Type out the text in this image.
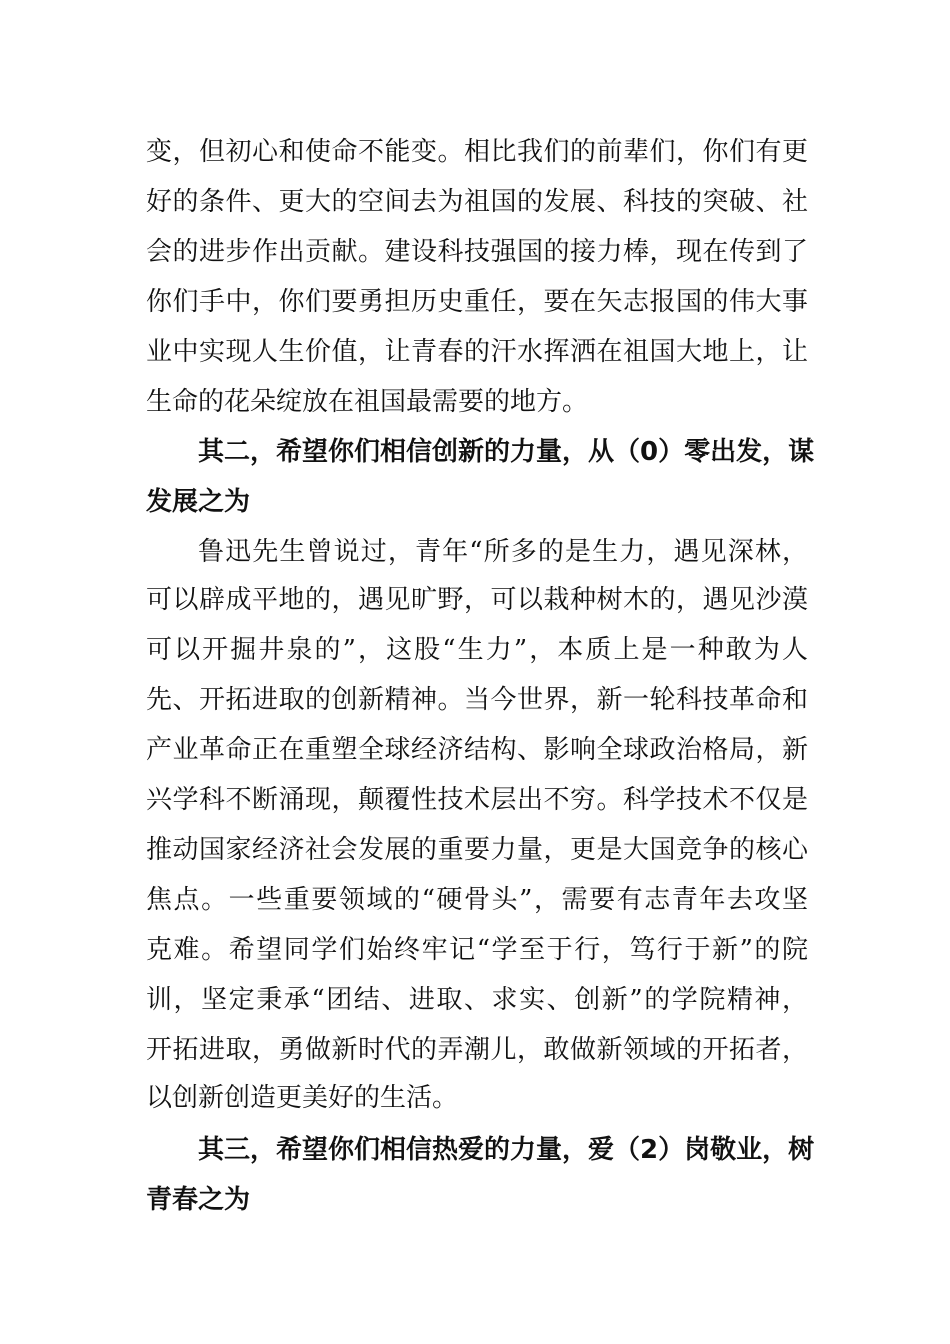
变，但初心和使命不能变。相比我们的前辈们，你们有更
好的条件、更大的空间去为祖国的发展、科技的突破、社
会的进步作出贡献。建设科技强国的接力棒，现在传到了
你们手中，你们要勇担历史重任，要在矢志报国的伟大事
业中实现人生价值，让青春的汗水挥洒在祖国大地上，让
生命的花朵绽放在祖国最需要的地方。
其二，希望你们相信创新的力量，从（0）零出发，谋
发展之为
鲁迅先生曾说过，青年“所多的是生力，遇见深林，
可以辟成平地的，遇见旷野，可以栽种树木的，遇见沙漠
可以开掘井泉的”，这股“生力”，本质上是一种敢为人
先、开拓进取的创新精神。当今世界，新一轮科技革命和
产业革命正在重塑全球经济结构、影响全球政治格局，新
兴学科不断涌现，颠覆性技术层出不穷。科学技术不仅是
推动国家经济社会发展的重要力量，更是大国竞争的核心
焦点。一些重要领域的“硬骨头”，需要有志青年去攻坚
克难。希望同学们始终牢记“学至于行，笃行于新”的院
训，坚定秉承“团结、进取、求实、创新”的学院精神，
开拓进取，勇做新时代的弄潮儿，敢做新领域的开拓者，
以创新创造更美好的生活。
其三，希望你们相信热爱的力量，爱（2）岗敬业，树
青春之为
